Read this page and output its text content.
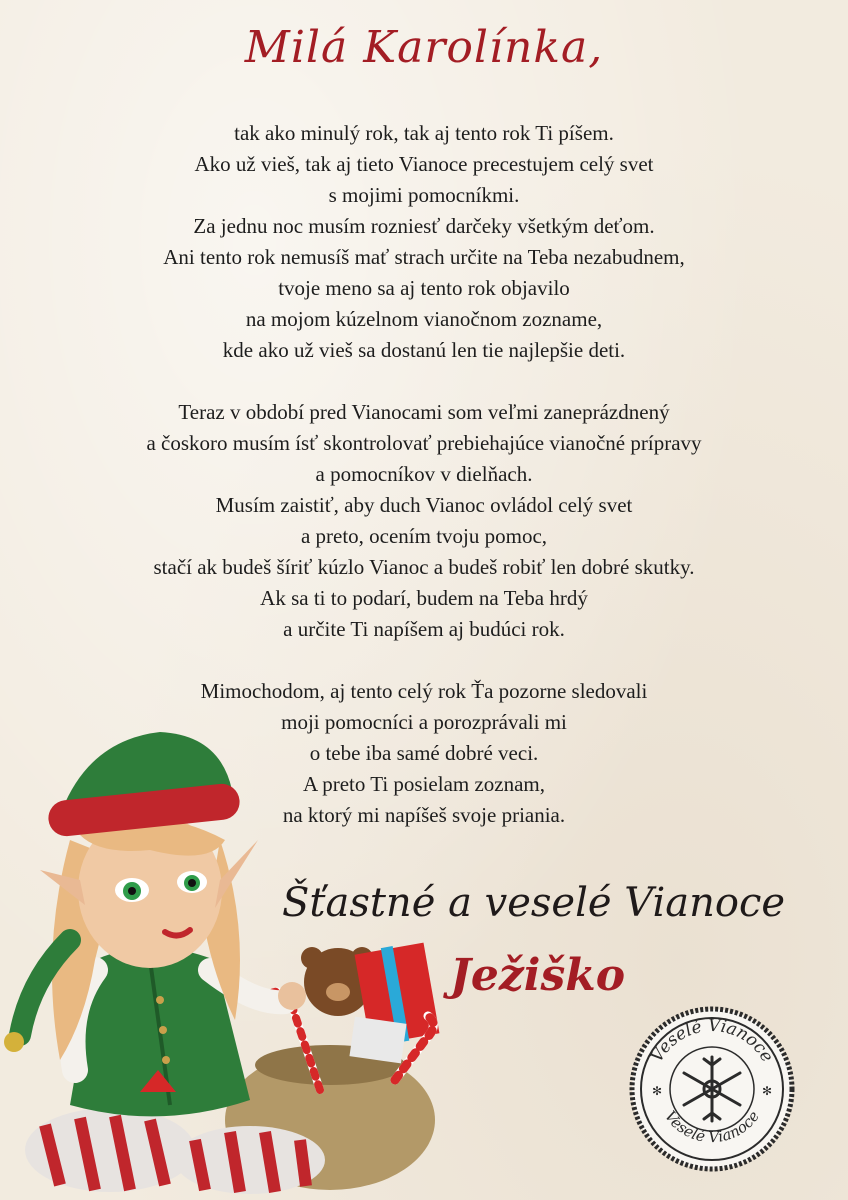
Milá Karolínka,

tak ako minulý rok, tak aj tento rok Ti píšem.
Ako už vieš, tak aj tieto Vianoce precestujem celý svet
s mojimi pomocníkmi.
Za jednu noc musím rozniesť darčeky všetkým deťom.
Ani tento rok nemusíš mať strach určite na Teba nezabudnem,
tvoje meno sa aj tento rok objavilo
na mojom kúzelnom vianočnom zozname,
kde ako už vieš sa dostanú len tie najlepšie deti.

Teraz v období pred Vianocami som veľmi zaneprázdnený
a čoskoro musím ísť skontrolovať prebiehajúce vianočné prípravy
a pomocníkov v dielňach.
Musím zaistiť, aby duch Vianoc ovládol celý svet
a preto, ocením tvoju pomoc,
stačí ak budeš šíriť kúzlo Vianoc a budeš robiť len dobré skutky.
Ak sa ti to podarí, budem na Teba hrdý
a určite Ti napíšem aj budúci rok.

Mimochodom, aj tento celý rok Ťa pozorne sledovali
moji pomocníci a porozprávali mi
o tebe iba samé dobré veci.
A preto Ti posielam zoznam,
na ktorý mi napíšeš svoje priania.

Šťastné a veselé Vianoce
Ježiško
Veselé Vianoce
Veselé Vianoce
✻	✻
